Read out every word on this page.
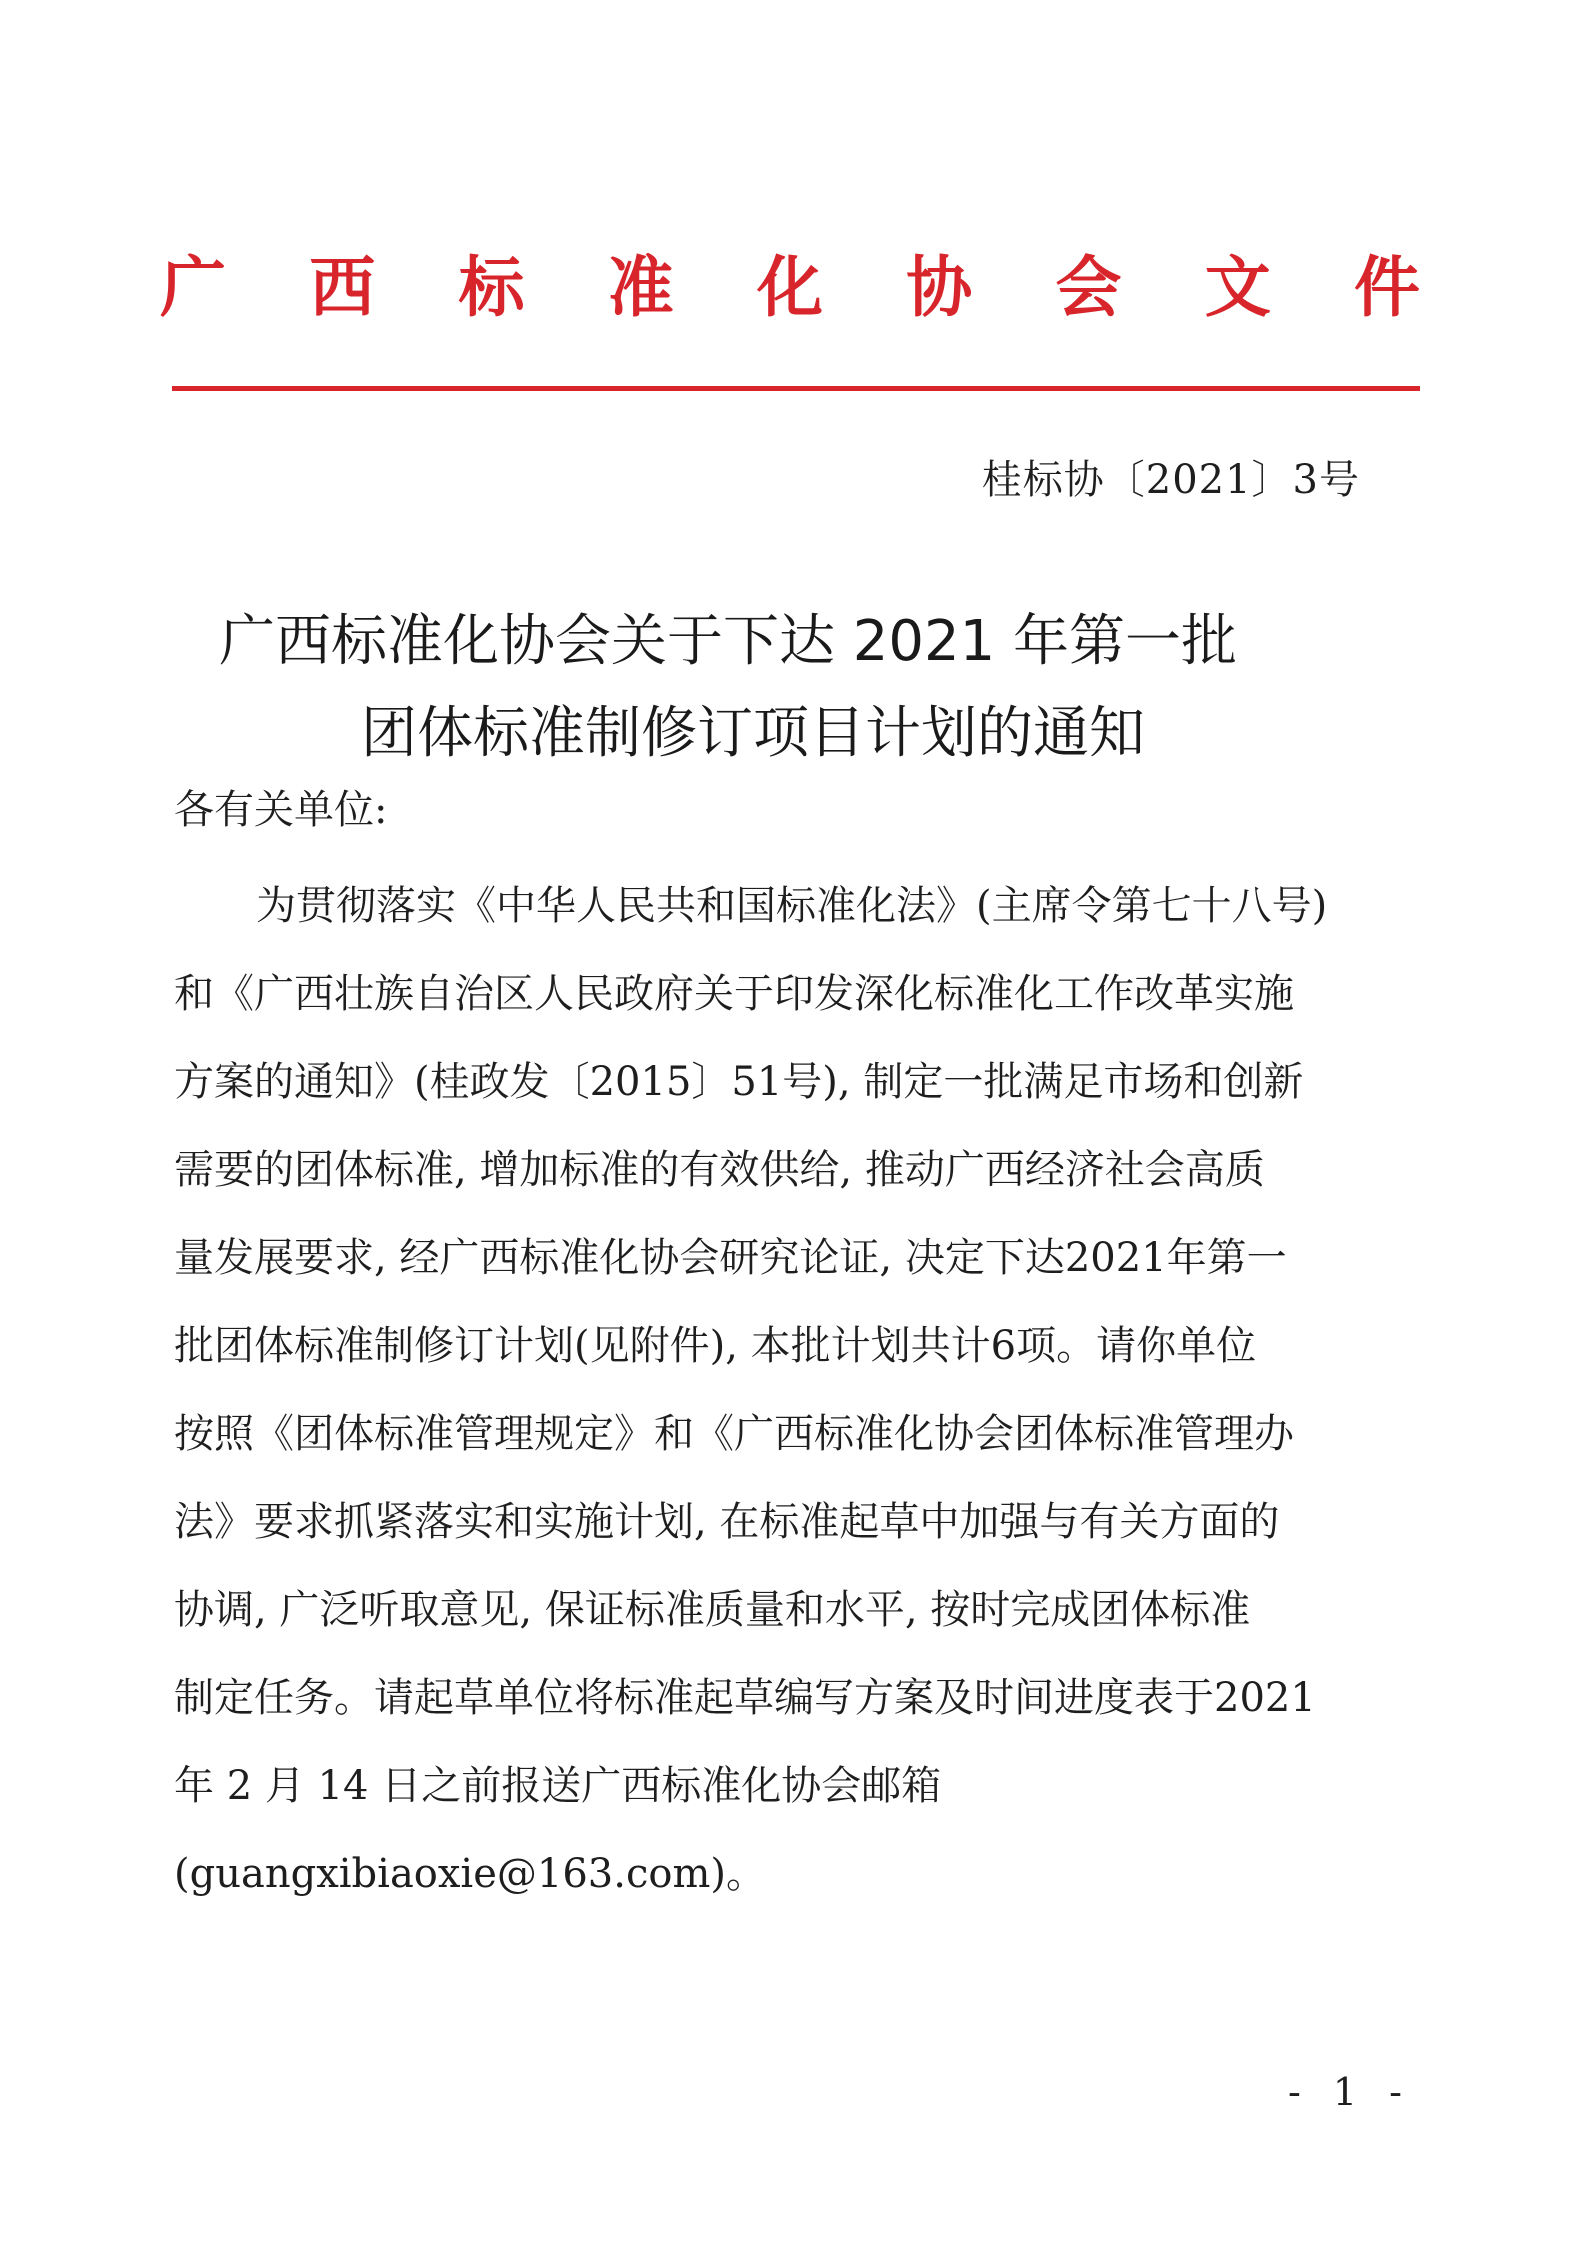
广 西 标 准 化 协 会 文 件
桂标协〔2021〕3号
广西标准化协会关于下达 2021 年第一批
团体标准制修订项目计划的通知
各有关单位:
为贯彻落实《中华人民共和国标准化法》(主席令第七十八号)
和《广西壮族自治区人民政府关于印发深化标准化工作改革实施
方案的通知》(桂政发〔2015〕51号), 制定一批满足市场和创新
需要的团体标准, 增加标准的有效供给, 推动广西经济社会高质
量发展要求, 经广西标准化协会研究论证, 决定下达2021年第一
批团体标准制修订计划(见附件), 本批计划共计6项。请你单位
按照《团体标准管理规定》和《广西标准化协会团体标准管理办
法》要求抓紧落实和实施计划, 在标准起草中加强与有关方面的
协调, 广泛听取意见, 保证标准质量和水平, 按时完成团体标准
制定任务。请起草单位将标准起草编写方案及时间进度表于2021
年 2 月 14 日之前报送广西标准化协会邮箱
(guangxibiaoxie@163.com)。
- 1 -
